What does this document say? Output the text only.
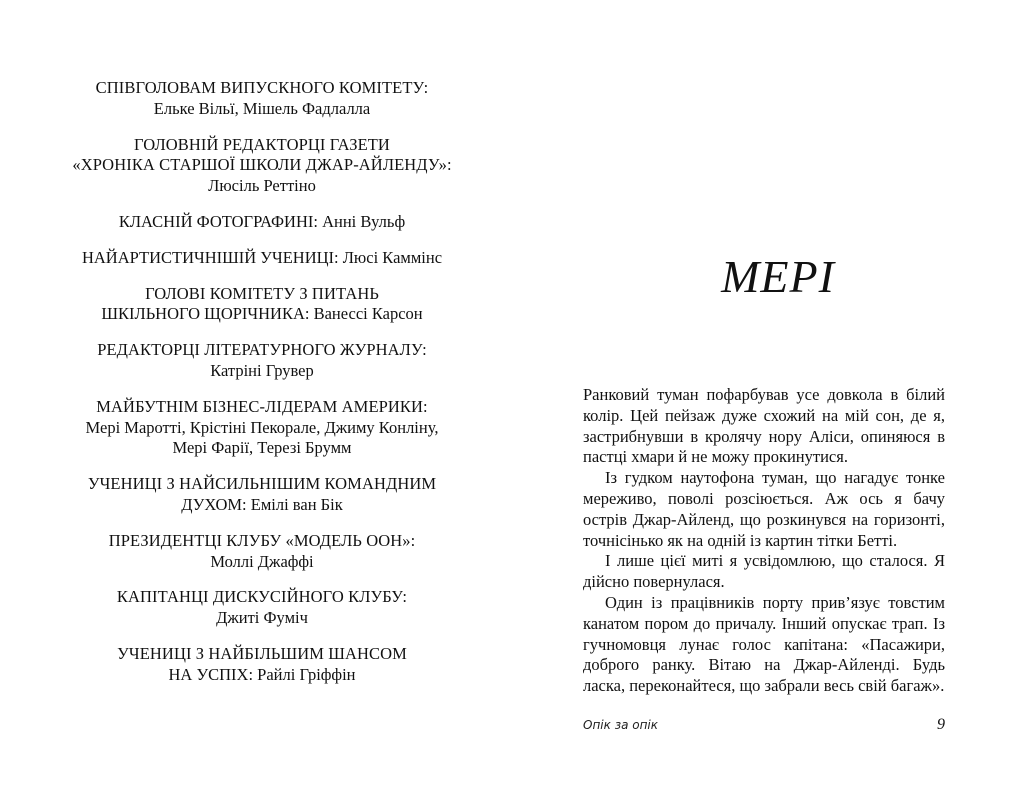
СПІВГОЛОВАМ ВИПУСКНОГО КОМІТЕТУ:
Ельке Вільї, Мішель Фадлалла
ГОЛОВНІЙ РЕДАКТОРЦІ ГАЗЕТИ
«ХРОНІКА СТАРШОЇ ШКОЛИ ДЖАР-АЙЛЕНДУ»:
Люсіль Реттіно
КЛАСНІЙ ФОТОГРАФИНІ: Анні Вульф
НАЙАРТИСТИЧНІШІЙ УЧЕНИЦІ: Люсі Каммінс
ГОЛОВІ КОМІТЕТУ З ПИТАНЬ
ШКІЛЬНОГО ЩОРІЧНИКА: Ванессі Карсон
РЕДАКТОРЦІ ЛІТЕРАТУРНОГО ЖУРНАЛУ:
Катріні Грувер
МАЙБУТНІМ БІЗНЕС-ЛІДЕРАМ АМЕРИКИ:
Мері Маротті, Крістіні Пекорале, Джиму Конліну,
Мері Фарії, Терезі Брумм
УЧЕНИЦІ З НАЙСИЛЬНІШИМ КОМАНДНИМ
ДУХОМ: Емілі ван Бік
ПРЕЗИДЕНТЦІ КЛУБУ «МОДЕЛЬ ООН»:
Моллі Джаффі
КАПІТАНЦІ ДИСКУСІЙНОГО КЛУБУ:
Джиті Фуміч
УЧЕНИЦІ З НАЙБІЛЬШИМ ШАНСОМ
НА УСПІХ: Райлі Гріффін
МЕРІ

Ранковий туман пофарбував усе довкола в білий колір. Цей пейзаж дуже схожий на мій сон, де я, застрибнувши в кролячу нору Аліси, опиняюся в пастці хмари й не можу прокинутися.

Із гудком наутофона туман, що нагадує тонке мереживо, поволі розсіюється. Аж ось я бачу острів Джар-Айленд, що розкинувся на горизонті, точнісінько як на одній із картин тітки Бетті.

І лише цієї миті я усвідомлюю, що сталося. Я дійсно повернулася.

Один із працівників порту прив’язує товстим канатом пором до причалу. Інший опускає трап. Із гучномовця лунає голос капітана: «Пасажири, доброго ранку. Вітаю на Джар-Айленді. Будь ласка, переконайтеся, що забрали весь свій багаж».

Опік за опік	9
